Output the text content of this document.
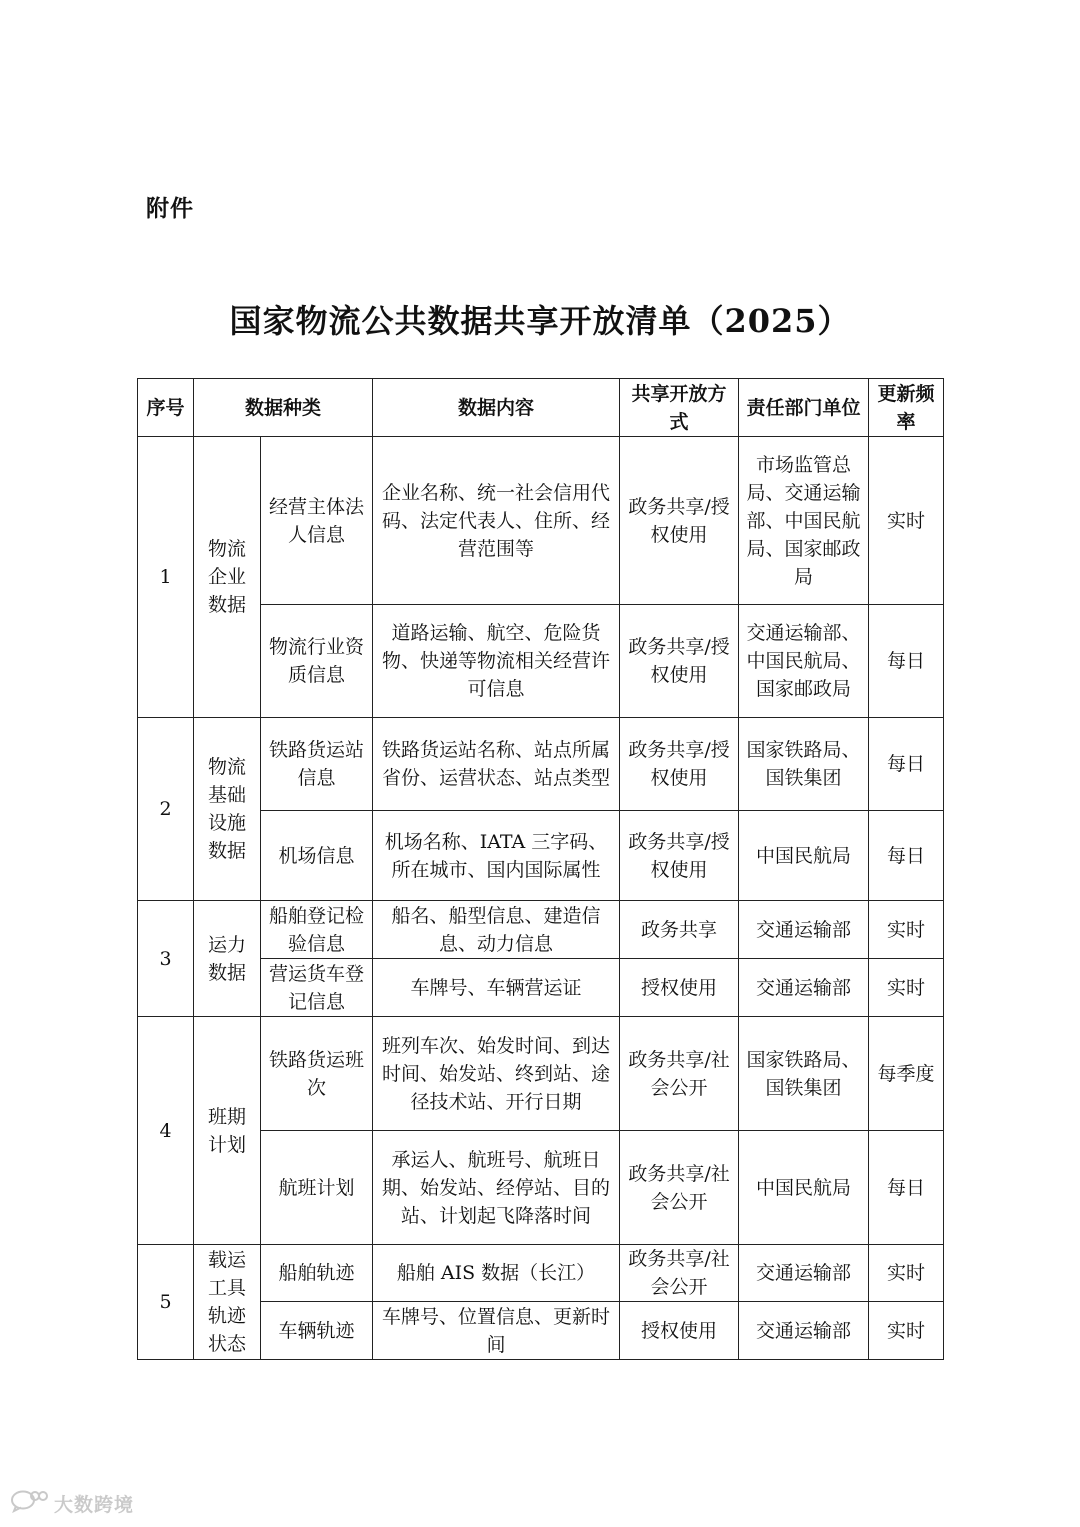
附件
国家物流公共数据共享开放清单（2025）
序号	数据种类		数据内容	共享开放方式	责任部门单位	更新频率
1	物流企业数据	经营主体法人信息	企业名称、统一社会信用代码、法定代表人、住所、经营范围等	政务共享/授权使用	市场监管总局、交通运输部、中国民航局、国家邮政局	实时
		物流行业资质信息	道路运输、航空、危险货物、快递等物流相关经营许可信息	政务共享/授权使用	交通运输部、中国民航局、国家邮政局	每日
2	物流基础设施数据	铁路货运站信息	铁路货运站名称、站点所属省份、运营状态、站点类型	政务共享/授权使用	国家铁路局、国铁集团	每日
		机场信息	机场名称、IATA 三字码、所在城市、国内国际属性	政务共享/授权使用	中国民航局	每日
3	运力数据	船舶登记检验信息	船名、船型信息、建造信息、动力信息	政务共享	交通运输部	实时
		营运货车登记信息	车牌号、车辆营运证	授权使用	交通运输部	实时
4	班期计划	铁路货运班次	班列车次、始发时间、到达时间、始发站、终到站、途径技术站、开行日期	政务共享/社会公开	国家铁路局、国铁集团	每季度
		航班计划	承运人、航班号、航班日期、始发站、经停站、目的站、计划起飞降落时间	政务共享/社会公开	中国民航局	每日
5	载运工具轨迹状态	船舶轨迹	船舶 AIS 数据（长江）	政务共享/社会公开	交通运输部	实时
		车辆轨迹	车牌号、位置信息、更新时间	授权使用	交通运输部	实时
大数跨境
